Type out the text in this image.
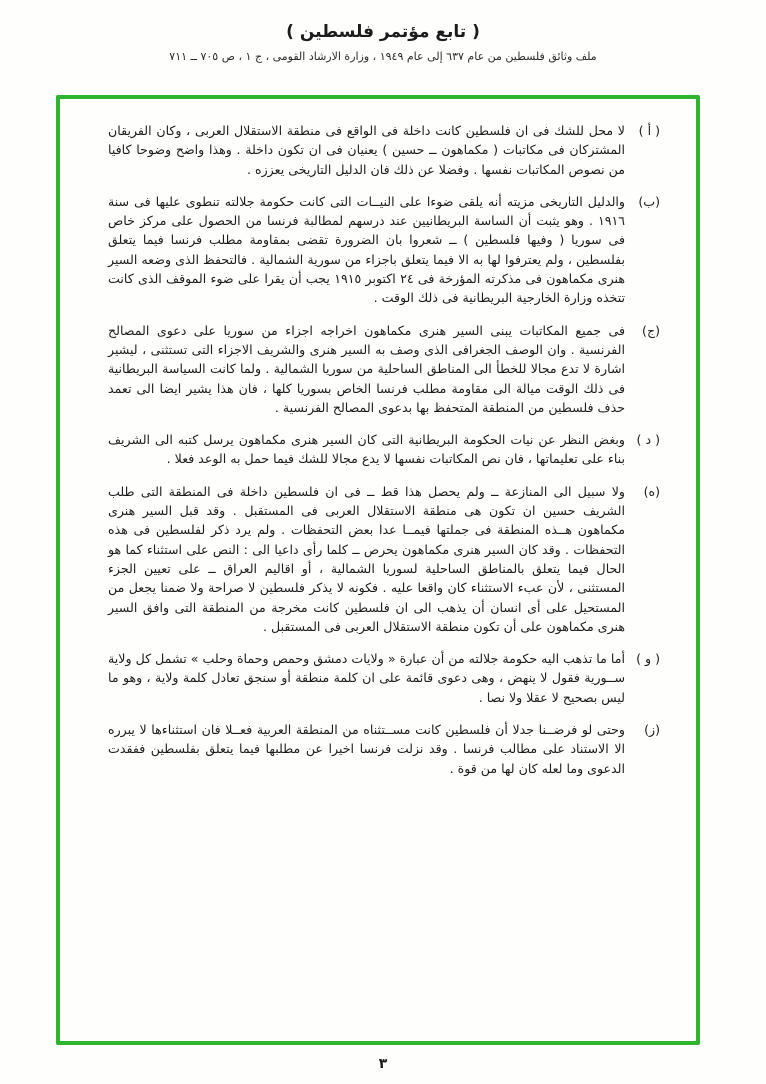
( تابع مؤتمر فلسطين )
ملف وثائق فلسطين من عام ٦٣٧ إلى عام ١٩٤٩ ، وزارة الارشاد القومى ، ج ١ ، ص ٧٠٥ ــ ٧١١
( أ )

لا محل للشك فى ان فلسطين كانت داخلة فى الواقع فى منطقة الاستقلال العربى ، وكان الفريقان المشتركان فى مكاتبات ( مكماهون ــ حسين ) يعنيان فى ان تكون داخلة . وهذا واضح وضوحا كافيا من نصوص المكاتبات نفسها . وفضلا عن ذلك فان الدليل التاريخى يعززه .

(ب)

والدليل التاريخى مزيته أنه يلقى ضوءا على النيــات التى كانت حكومة جلالته تنطوى عليها فى سنة ١٩١٦ . وهو يثبت أن الساسة البريطانيين عند درسهم لمطالبة فرنسا من الحصول على مركز خاص فى سوريا ( وفيها فلسطين ) ــ شعروا بان الضرورة تقضى بمقاومة مطلب فرنسا فيما يتعلق بفلسطين ، ولم يعترفوا لها به الا فيما يتعلق باجزاء من سورية الشمالية . فالتحفظ الذى وضعه السير هنرى مكماهون فى مذكرته المؤرخة فى ٢٤ اكتوبر ١٩١٥ يجب أن يقرا على ضوء الموقف الذى كانت تتخذه وزارة الخارجية البريطانية فى ذلك الوقت .

(ج)

فى جميع المكاتبات يبنى السير هنرى مكماهون اخراجه اجزاء من سوريا على دعوى المصالح الفرنسية . وان الوصف الجغرافى الذى وصف به السير هنرى والشريف الاجزاء التى تستثنى ، ليشير اشارة لا تدع مجالا للخطأ الى المناطق الساحلية من سوريا الشمالية . ولما كانت السياسة البريطانية فى ذلك الوقت ميالة الى مقاومة مطلب فرنسا الخاص بسوريا كلها ، فان هذا يشير ايضا الى تعمد حذف فلسطين من المنطقة المتحفظ بها بدعوى المصالح الفرنسية .

( د )

وبغض النظر عن نيات الحكومة البريطانية التى كان السير هنرى مكماهون يرسل كتبه الى الشريف بناء على تعليماتها ، فان نص المكاتبات نفسها لا يدع مجالا للشك فيما حمل به الوعد فعلا .

(ه)

ولا سبيل الى المنازعة ــ ولم يحصل هذا قط ــ فى ان فلسطين داخلة فى المنطقة التى طلب الشريف حسين ان تكون هى منطقة الاستقلال العربى فى المستقبل . وقد قبل السير هنرى مكماهون هــذه المنطقة فى جملتها فيمــا عدا بعض التحفظات . ولم يرد ذكر لفلسطين فى هذه التحفظات . وقد كان السير هنرى مكماهون يحرص ــ كلما رأى داعيا الى : النص على استثناء كما هو الحال فيما يتعلق بالمناطق الساحلية لسوريا الشمالية ، أو اقاليم العراق ــ على تعيين الجزء المستثنى ، لأن عبء الاستثناء كان واقعا عليه . فكونه لا يذكر فلسطين لا صراحة ولا ضمنا يجعل من المستحيل على أى انسان أن يذهب الى ان فلسطين كانت مخرجة من المنطقة التى وافق السير هنرى مكماهون على أن تكون منطقة الاستقلال العربى فى المستقبل .

( و )

أما ما تذهب اليه حكومة جلالته من أن عبارة « ولايات دمشق وحمص وحماة وحلب » تشمل كل ولاية ســورية فقول لا ينهض ، وهى دعوى قائمة على ان كلمة منطقة أو سنجق تعادل كلمة ولاية ، وهو ما ليس بصحيح لا عقلا ولا نصا .

(ز)

وحتى لو فرضــنا جدلا أن فلسطين كانت مســتثناه من المنطقة العربية فعــلا فان استثناءها لا يبرره الا الاستناد على مطالب فرنسا . وقد نزلت فرنسا اخيرا عن مطلبها فيما يتعلق بفلسطين ففقدت الدعوى وما لعله كان لها من قوة .

٣
